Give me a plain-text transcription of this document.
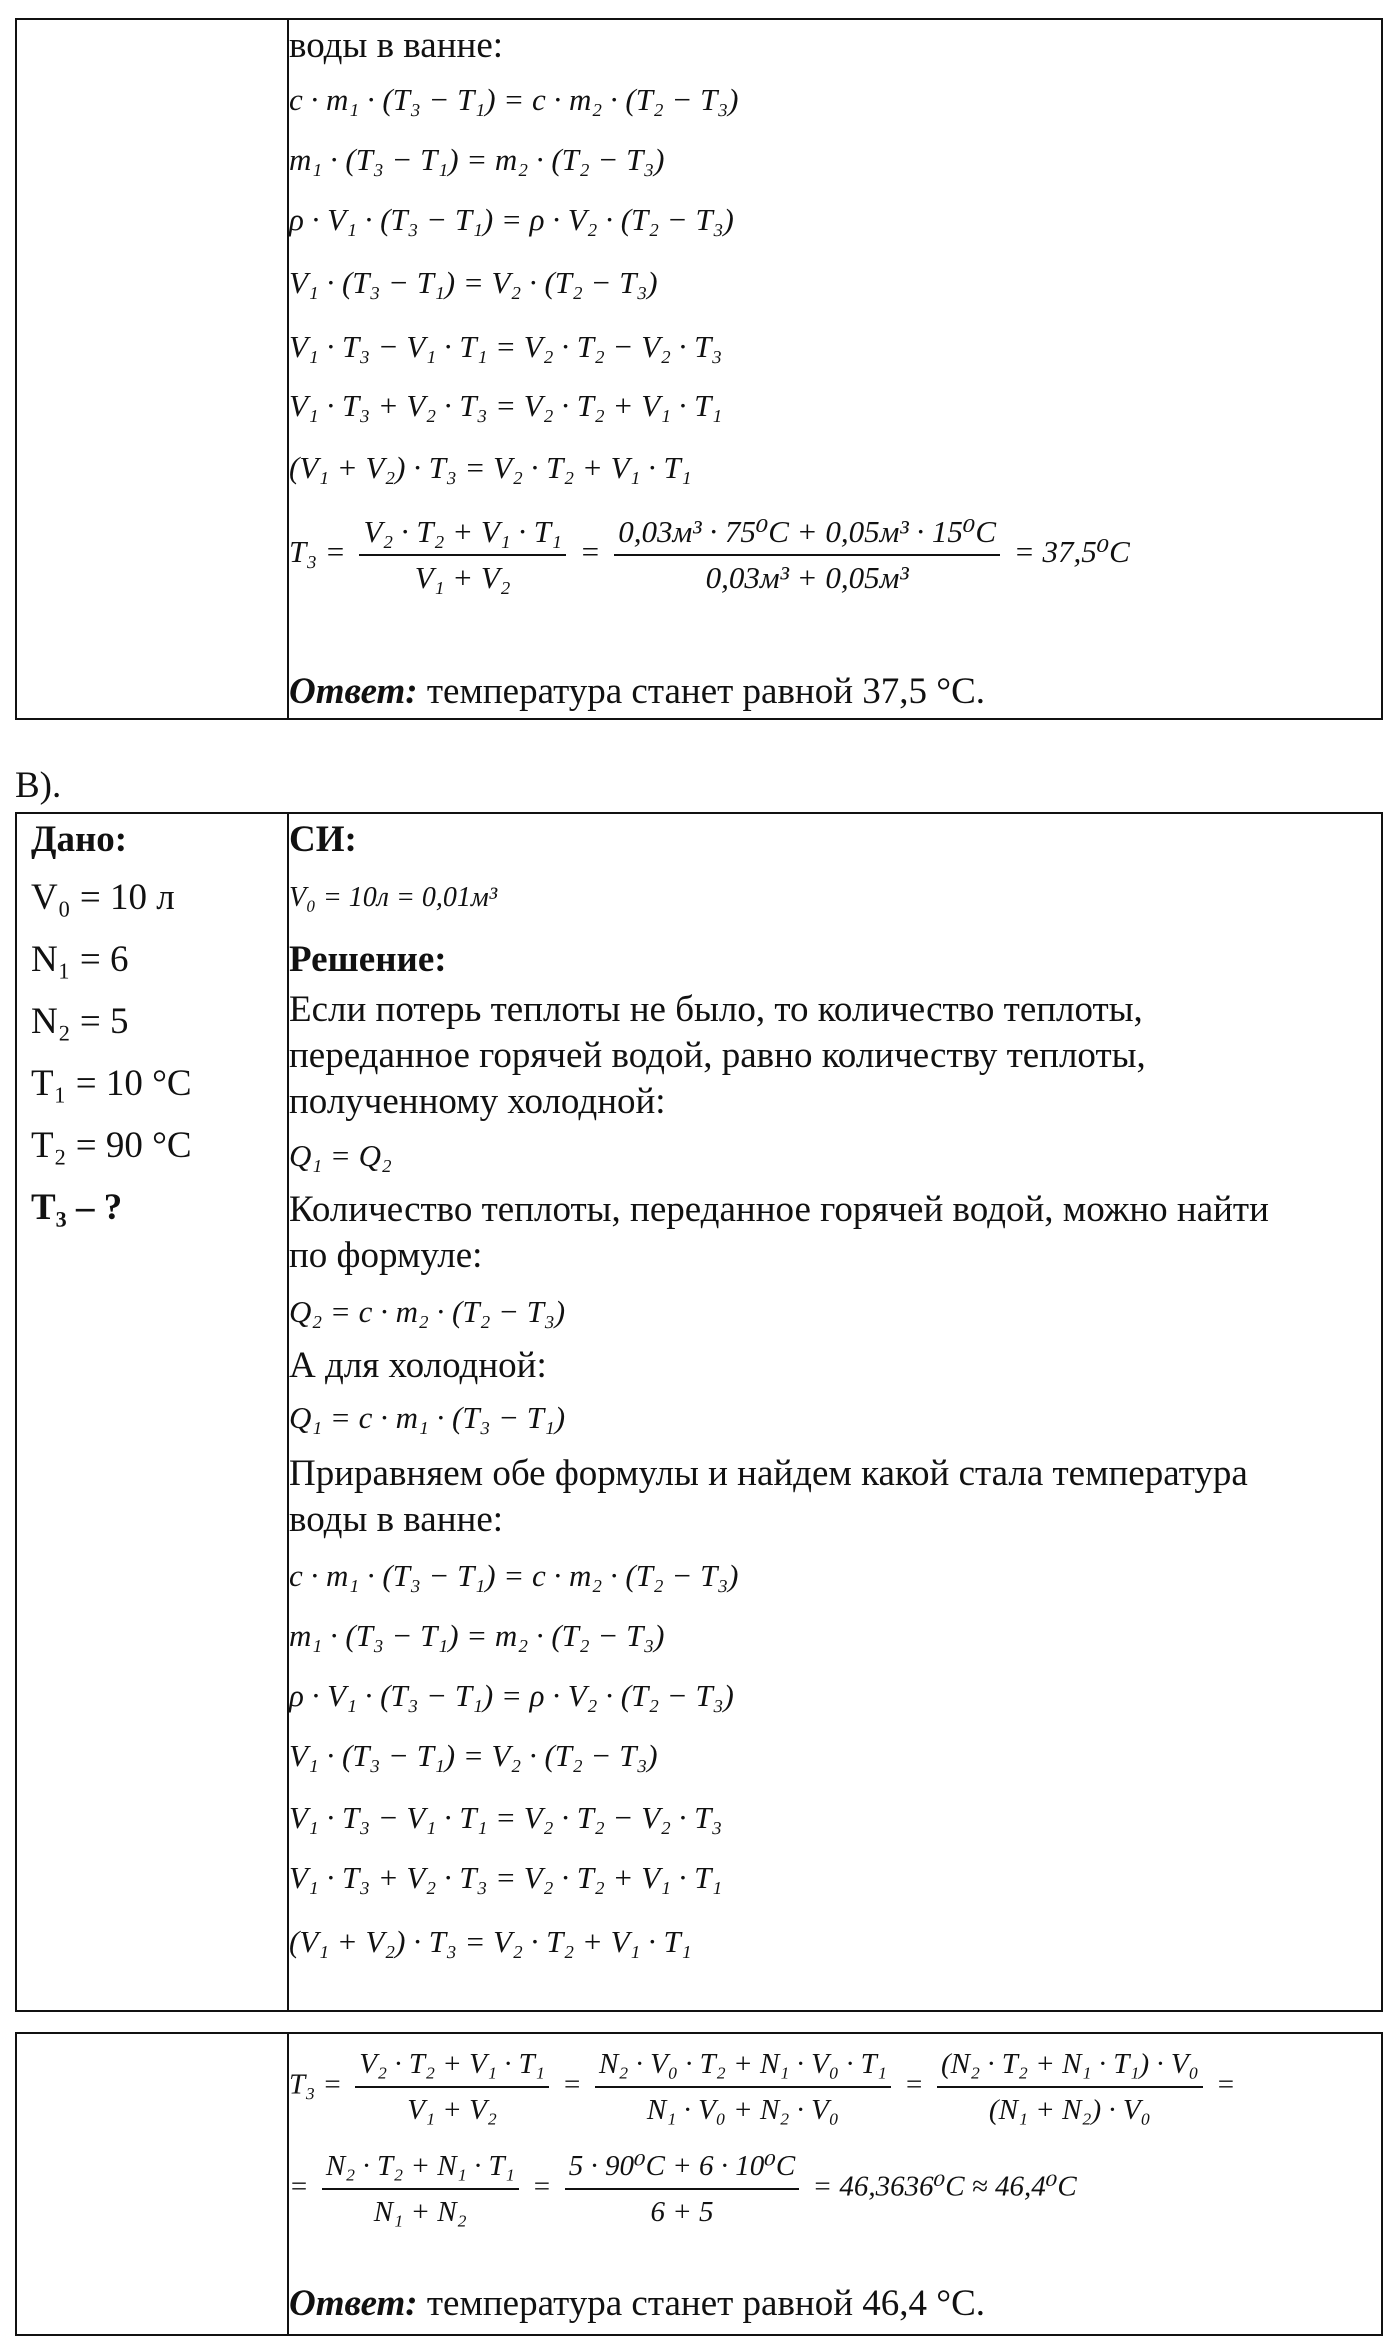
воды в ванне:
c · m₁ · (T₃ − T₁) = c · m₂ · (T₂ − T₃)
m₁ · (T₃ − T₁) = m₂ · (T₂ − T₃)
ρ · V₁ · (T₃ − T₁) = ρ · V₂ · (T₂ − T₃)
V₁ · (T₃ − T₁) = V₂ · (T₂ − T₃)
V₁ · T₃ − V₁ · T₁ = V₂ · T₂ − V₂ · T₃
V₁ · T₃ + V₂ · T₃ = V₂ · T₂ + V₁ · T₁
(V₁ + V₂) · T₃ = V₂ · T₂ + V₁ · T₁
$T_3 = \frac{\text{V₂ · T₂ + V₁ · T₁}}{\text{V₁ + V₂}} = \frac{\text{0,03м³ · 75⁰C + 0,05м³ · 15⁰C}}{\text{0,03м³ + 0,05м³}} = 37,5^0C$
Ответ: температура станет равной 37,5 °C.
В).
Дано:
V₀ = 10 л
N₁ = 6
N₂ = 5
T₁ = 10 °C
T₂ = 90 °C
T₃ – ?
СИ:
V₀ = 10л = 0,01м³
Решение:
Если потерь теплоты не было, то количество теплоты,
переданное горячей водой, равно количеству теплоты,
полученному холодной:
Q₁ = Q₂
Количество теплоты, переданное горячей водой, можно найти
по формуле:
Q₂ = c · m₂ · (T₂ − T₃)
А для холодной:
Q₁ = c · m₁ · (T₃ − T₁)
Приравняем обе формулы и найдем какой стала температура
воды в ванне:
c · m₁ · (T₃ − T₁) = c · m₂ · (T₂ − T₃)
m₁ · (T₃ − T₁) = m₂ · (T₂ − T₃)
ρ · V₁ · (T₃ − T₁) = ρ · V₂ · (T₂ − T₃)
V₁ · (T₃ − T₁) = V₂ · (T₂ − T₃)
V₁ · T₃ − V₁ · T₁ = V₂ · T₂ − V₂ · T₃
V₁ · T₃ + V₂ · T₃ = V₂ · T₂ + V₁ · T₁
(V₁ + V₂) · T₃ = V₂ · T₂ + V₁ · T₁
$T_3 = \frac{\text{V₂ · T₂ + V₁ · T₁}}{\text{V₁ + V₂}} = \frac{\text{N₂ · V₀ · T₂ + N₁ · V₀ · T₁}}{\text{N₁ · V₀ + N₂ · V₀}} = \frac{\text{(N₂ · T₂ + N₁ · T₁) · V₀}}{\text{(N₁ + N₂) · V₀}}$ =
= $\frac{\text{N₂ · T₂ + N₁ · T₁}}{\text{N₁ + N₂}} = \frac{\text{5 · 90⁰C + 6 · 10⁰C}}{6 + 5} = 46,3636^0C \approx 46,4^0C$
Ответ: температура станет равной 46,4 °C.
